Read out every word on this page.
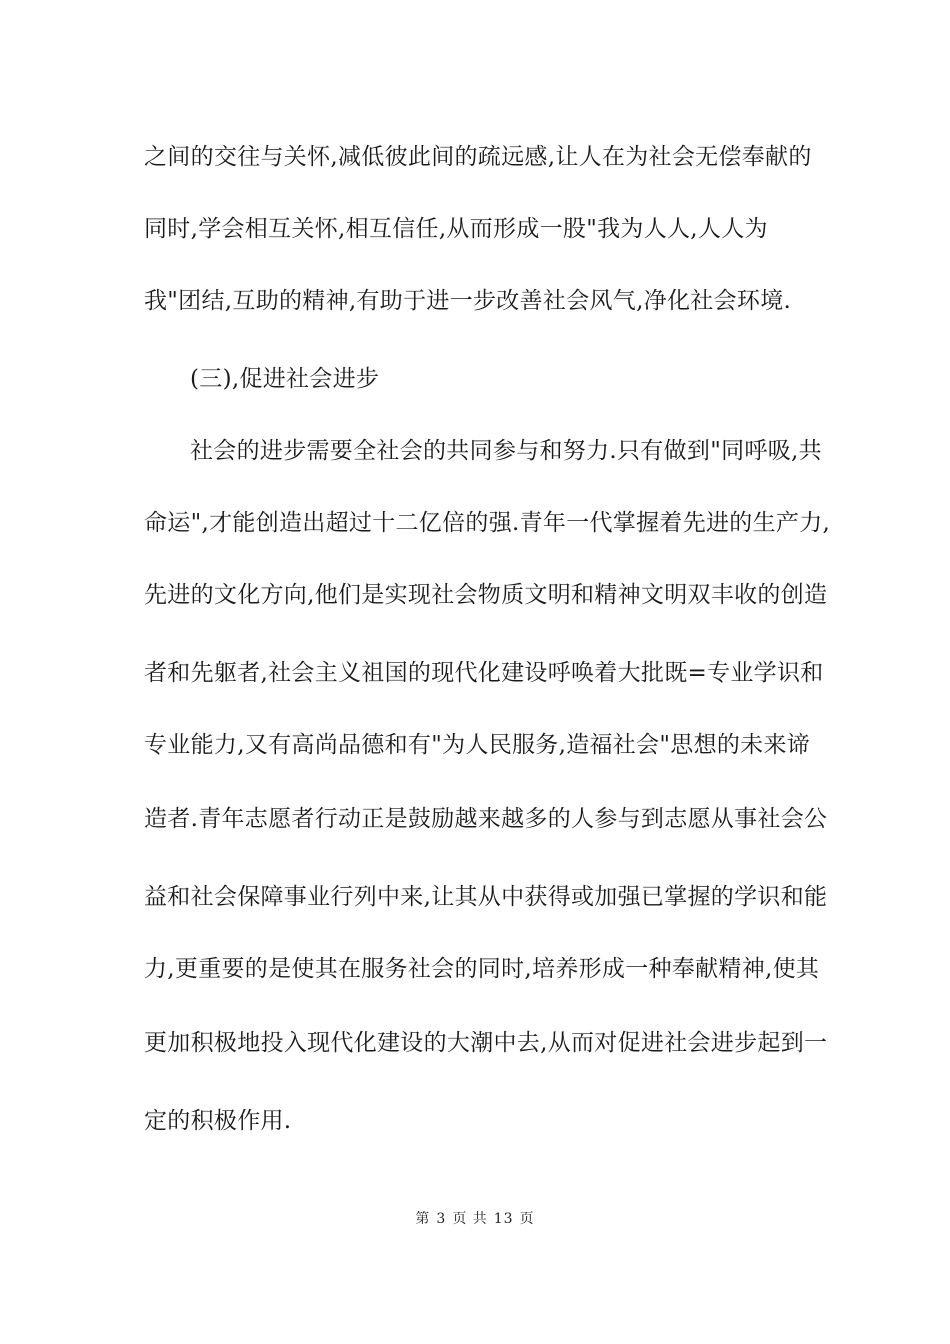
之间的交往与关怀,减低彼此间的疏远感,让人在为社会无偿奉献的
同时,学会相互关怀,相互信任,从而形成一股"我为人人,人人为
我"团结,互助的精神,有助于进一步改善社会风气,净化社会环境.
(三),促进社会进步
社会的进步需要全社会的共同参与和努力.只有做到"同呼吸,共
命运",才能创造出超过十二亿倍的强.青年一代掌握着先进的生产力,
先进的文化方向,他们是实现社会物质文明和精神文明双丰收的创造
者和先躯者,社会主义祖国的现代化建设呼唤着大批既=专业学识和
专业能力,又有高尚品德和有"为人民服务,造福社会"思想的未来谛
造者.青年志愿者行动正是鼓励越来越多的人参与到志愿从事社会公
益和社会保障事业行列中来,让其从中获得或加强已掌握的学识和能
力,更重要的是使其在服务社会的同时,培养形成一种奉献精神,使其
更加积极地投入现代化建设的大潮中去,从而对促进社会进步起到一
定的积极作用.
第 3 页 共 13 页
